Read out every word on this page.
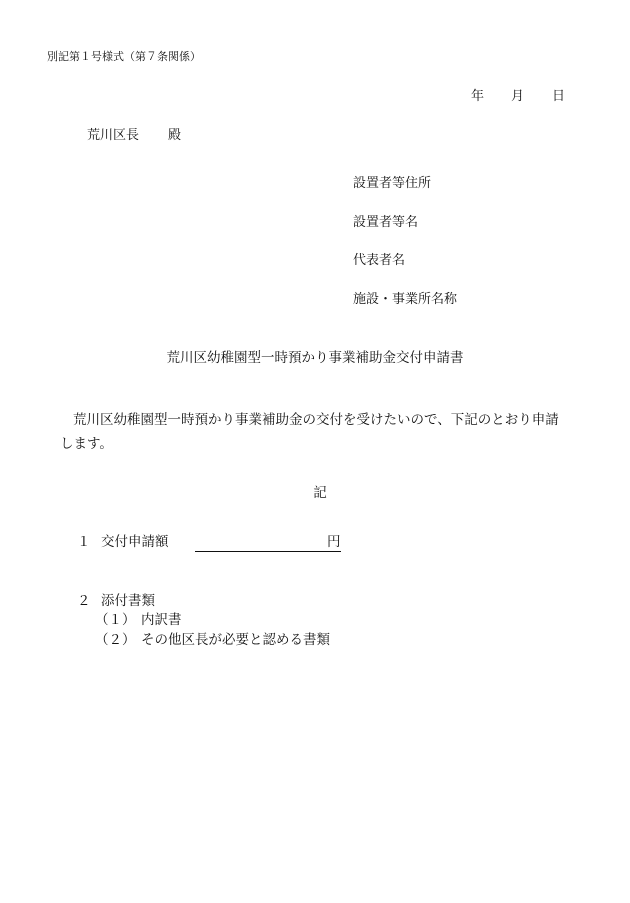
別記第１号様式（第７条関係）
年 月 日
荒川区長 殿
設置者等住所
設置者等名
代表者名
施設・事業所名称
荒川区幼稚園型一時預かり事業補助金交付申請書
荒川区幼稚園型一時預かり事業補助金の交付を受けたいので、下記のとおり申請
します。
記
１ 交付申請額	円
２ 添付書類
（１） 内訳書
（２） その他区長が必要と認める書類
